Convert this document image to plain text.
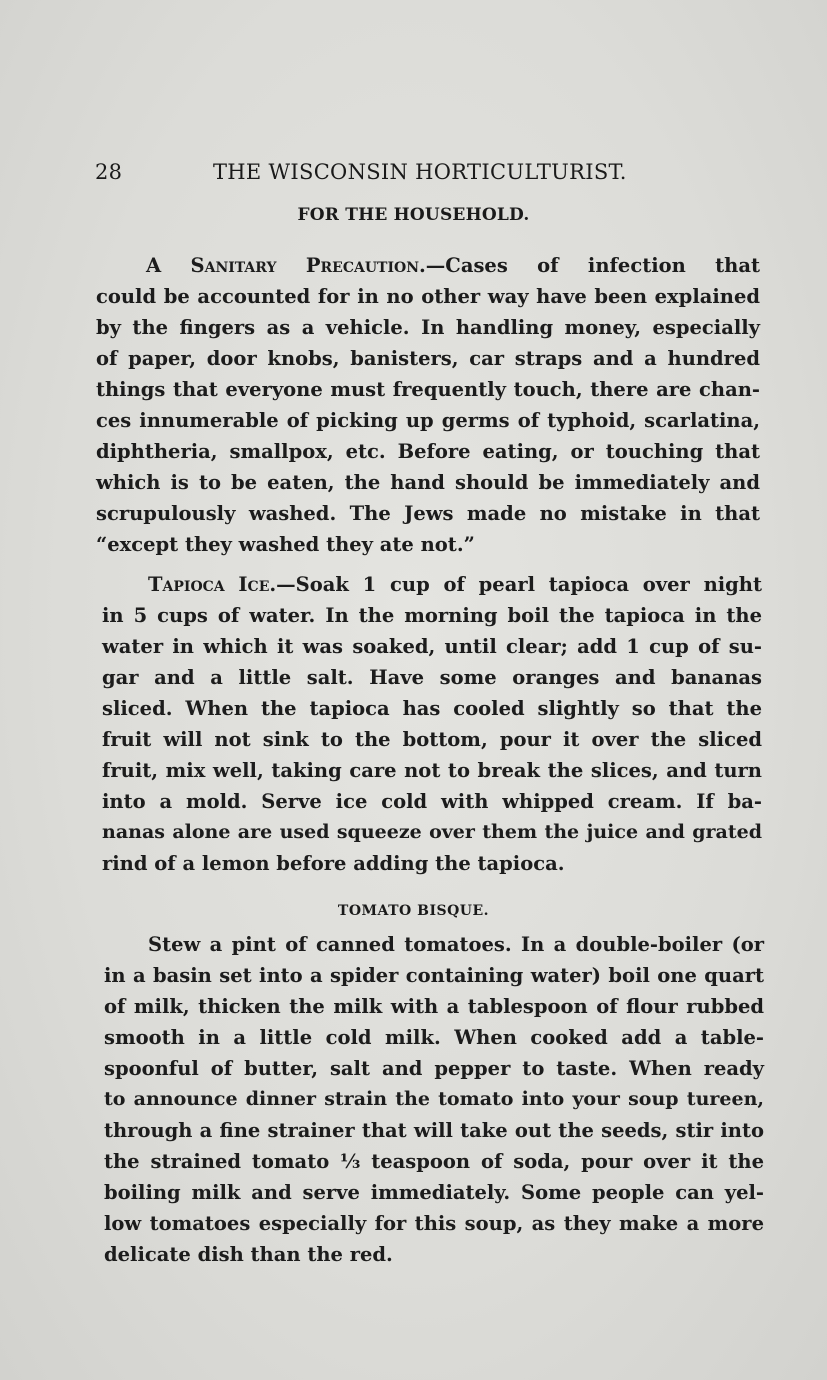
28	THE WISCONSIN HORTICULTURIST.
FOR THE HOUSEHOLD.
A Sanitary Precaution.—Cases of infection that
could be accounted for in no other way have been explained
by the fingers as a vehicle. In handling money, especially
of paper, door knobs, banisters, car straps and a hundred
things that everyone must frequently touch, there are chan-
ces innumerable of picking up germs of typhoid, scarlatina,
diphtheria, smallpox, etc. Before eating, or touching that
which is to be eaten, the hand should be immediately and
scrupulously washed. The Jews made no mistake in that
“except they washed they ate not.”
Tapioca Ice.—Soak 1 cup of pearl tapioca over night
in 5 cups of water. In the morning boil the tapioca in the
water in which it was soaked, until clear; add 1 cup of su-
gar and a little salt. Have some oranges and bananas
sliced. When the tapioca has cooled slightly so that the
fruit will not sink to the bottom, pour it over the sliced
fruit, mix well, taking care not to break the slices, and turn
into a mold. Serve ice cold with whipped cream. If ba-
nanas alone are used squeeze over them the juice and grated
rind of a lemon before adding the tapioca.
TOMATO BISQUE.
Stew a pint of canned tomatoes. In a double-boiler (or
in a basin set into a spider containing water) boil one quart
of milk, thicken the milk with a tablespoon of flour rubbed
smooth in a little cold milk. When cooked add a table-
spoonful of butter, salt and pepper to taste. When ready
to announce dinner strain the tomato into your soup tureen,
through a fine strainer that will take out the seeds, stir into
the strained tomato ⅓ teaspoon of soda, pour over it the
boiling milk and serve immediately. Some people can yel-
low tomatoes especially for this soup, as they make a more
delicate dish than the red.
